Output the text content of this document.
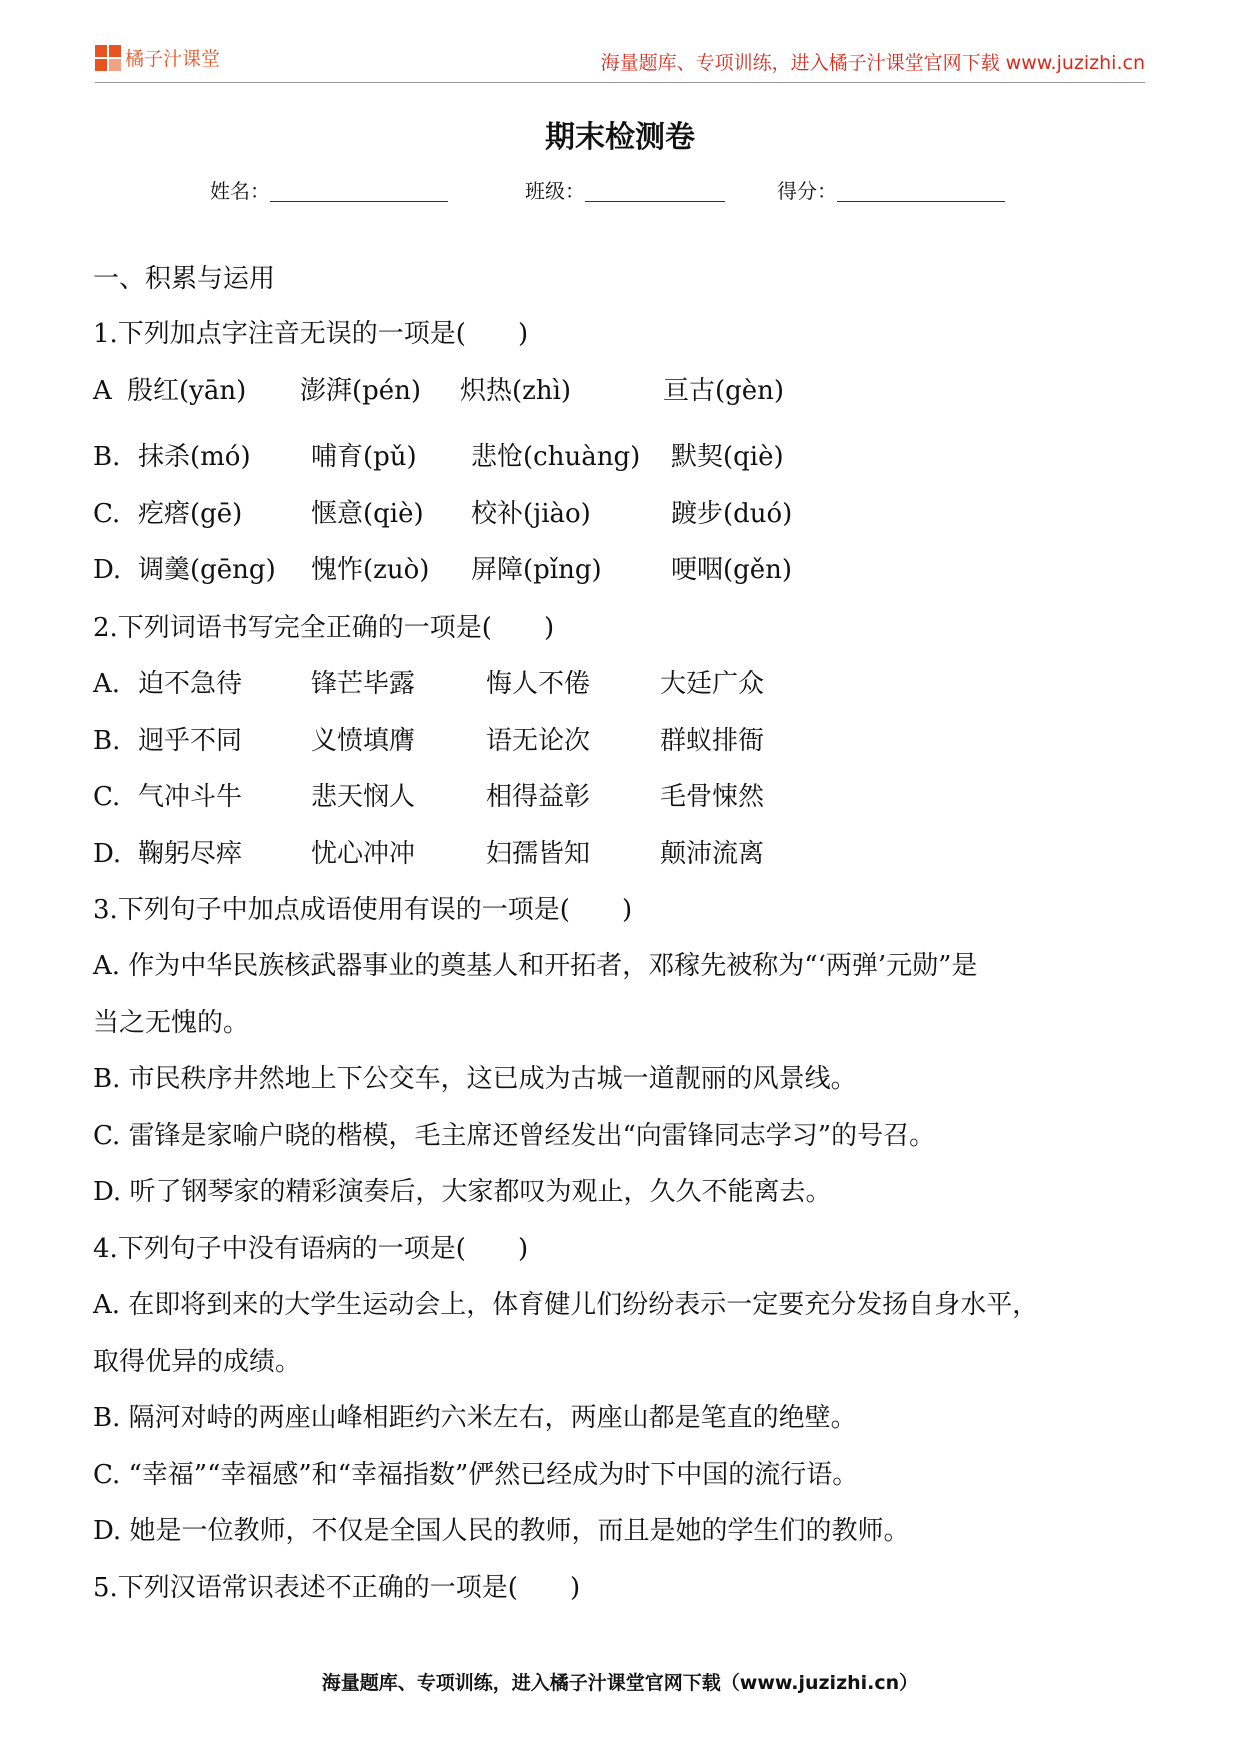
橘子汁课堂	海量题库、专项训练，进入橘子汁课堂官网下载 www.juzizhi.cn
期末检测卷
姓名：	班级：	得分：
一、积累与运用
1.下列加点字注音无误的一项是(　　)
A 殷红(yān) 澎湃(pén) 炽热(zhì)	亘古(gèn)
B. 抹杀(mó) 哺育(pǔ) 悲怆(chuàng) 默契(qiè)
C. 疙瘩(gē)	惬意(qiè) 校补(jiào)	踱步(duó)
D. 调羹(gēng) 愧怍(zuò) 屏障(pǐng)	哽咽(gěn)
2.下列词语书写完全正确的一项是(　　)
A. 迫不急待	锋芒毕露	悔人不倦	大廷广众
B. 迥乎不同	义愤填膺	语无论次	群蚁排衙
C. 气冲斗牛	悲天悯人	相得益彰	毛骨悚然
D. 鞠躬尽瘁	忧心冲冲	妇孺皆知	颠沛流离
3.下列句子中加点成语使用有误的一项是(　　)
A. 作为中华民族核武器事业的奠基人和开拓者，邓稼先被称为“‘两弹’元勋”是
当之无愧的。
B. 市民秩序井然地上下公交车，这已成为古城一道靓丽的风景线。
C. 雷锋是家喻户晓的楷模，毛主席还曾经发出“向雷锋同志学习”的号召。
D. 听了钢琴家的精彩演奏后，大家都叹为观止，久久不能离去。
4.下列句子中没有语病的一项是(　　)
A. 在即将到来的大学生运动会上，体育健儿们纷纷表示一定要充分发扬自身水平，
取得优异的成绩。
B. 隔河对峙的两座山峰相距约六米左右，两座山都是笔直的绝壁。
C. “幸福”“幸福感”和“幸福指数”俨然已经成为时下中国的流行语。
D. 她是一位教师，不仅是全国人民的教师，而且是她的学生们的教师。
5.下列汉语常识表述不正确的一项是(　　)
海量题库、专项训练，进入橘子汁课堂官网下载（www.juzizhi.cn）
